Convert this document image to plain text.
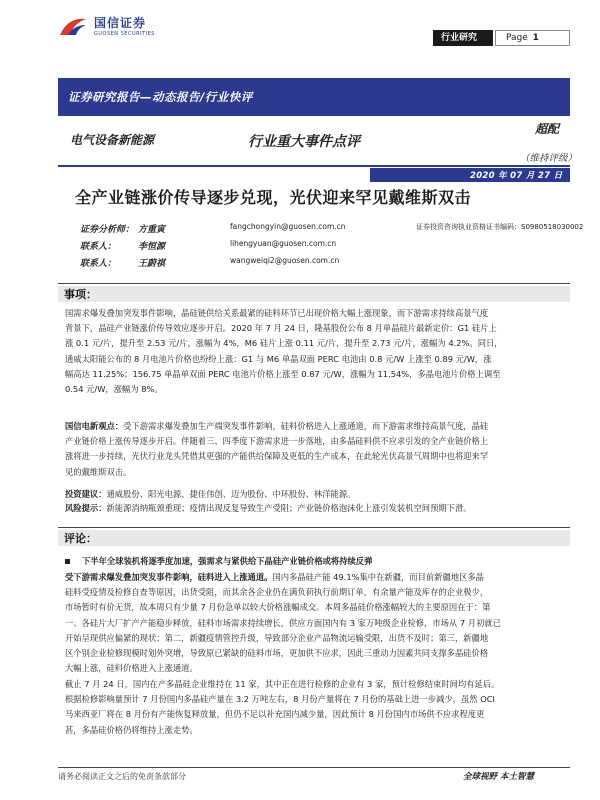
国信证券
GUOSEN SECURITIES	行业研究	Page 1
证券研究报告—动态报告/行业快评
电气设备新能源	行业重大事件点评
超配
（维持评级）
2020 年 07 月 27 日
全产业链涨价传导逐步兑现，光伏迎来罕见戴维斯双击
证券分析师： 方重寅	fangchongyin@guosen.com.cn	证券投资咨询执业资格证书编码：S0980518030002
联系人： 李恒源	lihengyuan@guosen.com.cn
联系人： 王蔚祺	wangweiqi2@guosen.com.cn
事项：
国需求爆发叠加突发事件影响，晶硅链供给关系最紧的硅料环节已出现价格大幅上涨现象，而下游需求持续高景气度
背景下，晶硅产业链涨价传导效应逐步开启。2020 年 7 月 24 日，隆基股份公布 8 月单晶硅片最新定价：G1 硅片上
涨 0.1 元/片，提升至 2.53 元/片，涨幅为 4%，M6 硅片上涨 0.11 元/片，提升至 2.73 元/片，涨幅为 4.2%。同日，
通威太阳能公布的 8 月电池片价格也纷纷上涨：G1 与 M6 单晶双面 PERC 电池由 0.8 元/W 上涨至 0.89 元/W，涨
幅高达 11.25%；156.75 单晶单双面 PERC 电池片价格上涨至 0.87 元/W，涨幅为 11.54%，多晶电池片价格上调至
0.54 元/W，涨幅为 8%。
国信电新观点：受下游需求爆发叠加生产端突发事件影响，硅料价格进入上涨通道，而下游需求维持高景气度，晶硅
产业链价格上涨传导逐步开启。伴随着三、四季度下游需求进一步落地，由多晶硅料供不应求引发的全产业链价格上
涨将进一步持续，光伏行业龙头凭借其更强的产能供给保障及更低的生产成本，在此轮光伏高景气周期中也将迎来罕
见的戴维斯双击。
投资建议：通威股份、阳光电源、捷佳伟创、迈为股份、中环股份、林洋能源。
风险提示：新能源消纳瓶颈重现；疫情出现反复导致生产受阻；产业链价格泡沫化上涨引发装机空间预期下滑。
评论：
下半年全球装机将逐季度加速，强需求与紧供给下晶硅产业链价格或将持续反弹
受下游需求爆发叠加突发事件影响，硅料进入上涨通道。国内多晶硅产能 49.1%集中在新疆，而目前新疆地区多晶
硅料受疫情及检修自查等原因，出货受阻，而其余各企业仍在满负荷执行前期订单，有余量产能及库存的企业极少，
市场暂时有价无货，故本周只有少量 7 月份急单以较大价格涨幅成交。本周多晶硅价格涨幅较大的主要原因在于：第
一、各硅片大厂扩产产能稳步释放，硅料市场需求持续增长，供应方面国内有 3 家万吨级企业检修，市场从 7 月初就已
开始呈现供应偏紧的现状；第二，新疆疫情管控升级，导致部分企业产品物流运输受限，出货不及时；第三，新疆地
区个别企业检修现模时划外突增，导致原已紧缺的硅料市场，更加供不应求，因此三重动力因素共同支撑多晶硅价格
大幅上涨，硅料价格进入上涨通道。
截止 7 月 24 日，国内在产多晶硅企业维持在 11 家，其中正在进行检修的企业有 3 家，预计检修结束时间均有延后。
根据检修影响量预计 7 月份国内多晶硅产量在 3.2 万吨左右，8 月份产量将在 7 月份的基础上进一步减少，虽然 OCI
马来西亚厂将在 8 月份有产能恢复释放量，但仍不足以补充国内减少量，因此预计 8 月份国内市场供不应求程度更
甚，多晶硅价格仍将维持上涨走势。
请务必阅读正文之后的免责条款部分	全球视野 本土智慧
